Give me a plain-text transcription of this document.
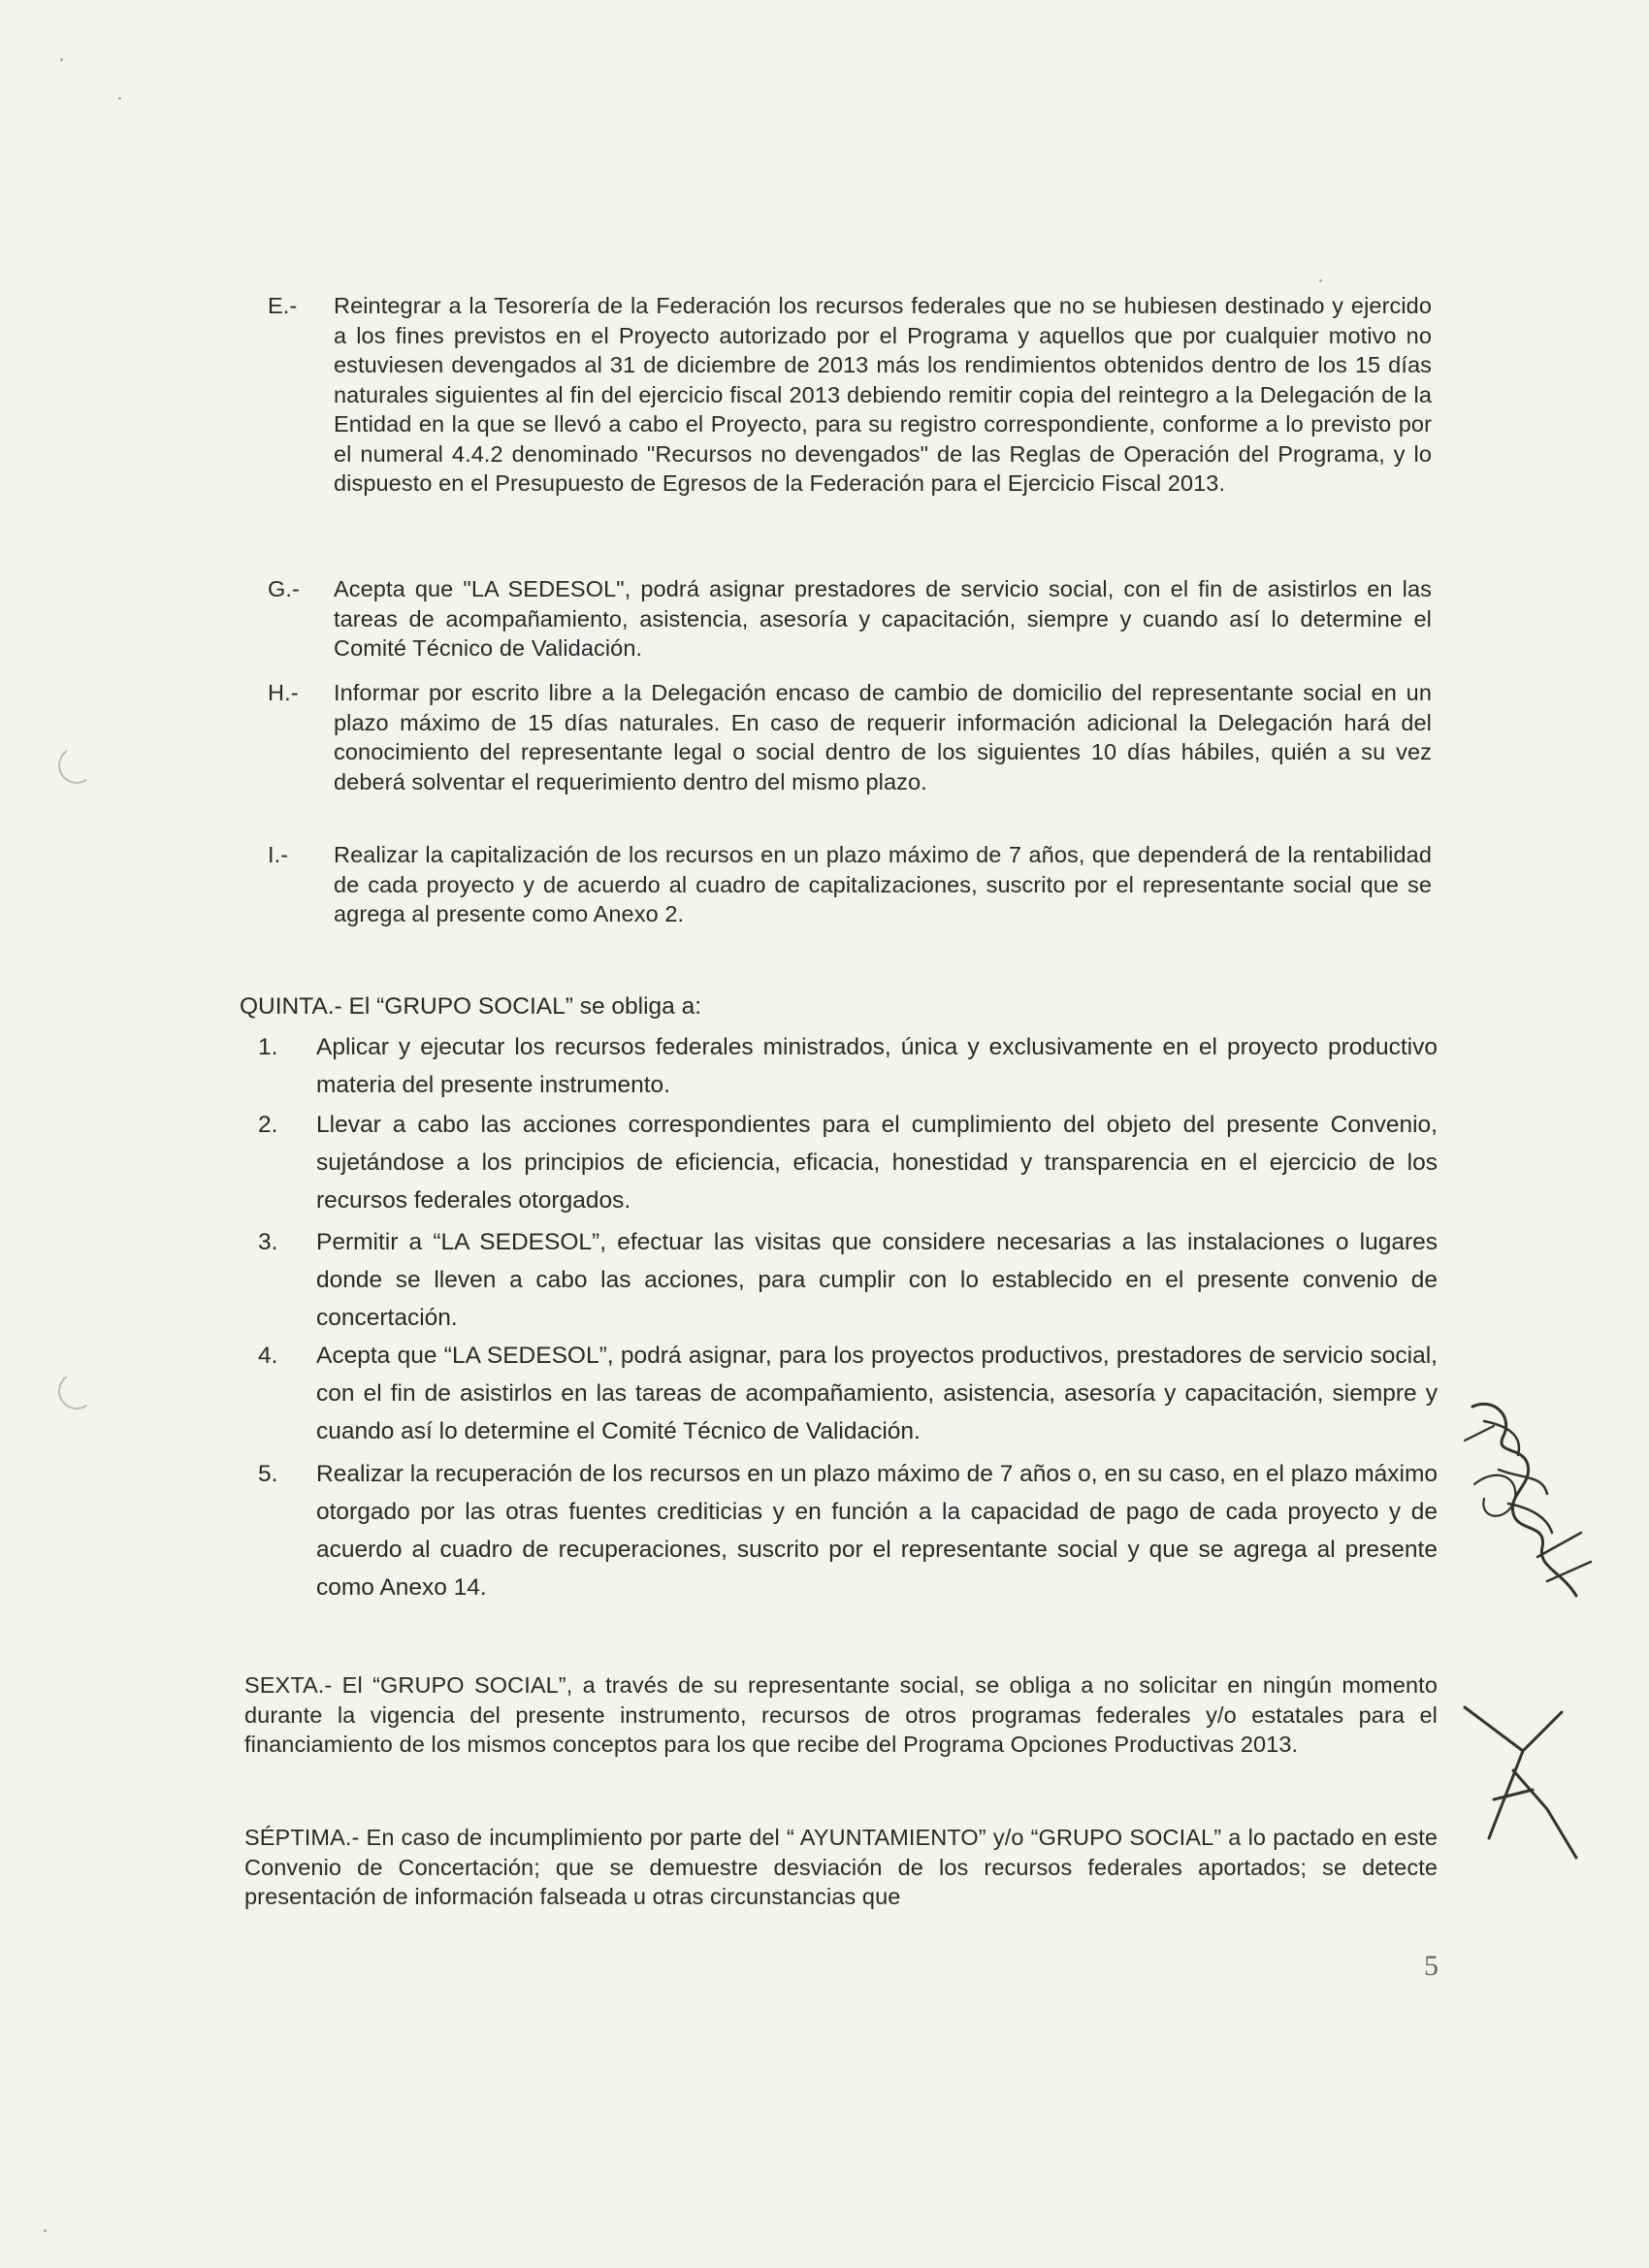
E.-	Reintegrar a la Tesorería de la Federación los recursos federales que no se hubiesen destinado y ejercido a los fines previstos en el Proyecto autorizado por el Programa y aquellos que por cualquier motivo no estuviesen devengados al 31 de diciembre de 2013 más los rendimientos obtenidos dentro de los 15 días naturales siguientes al fin del ejercicio fiscal 2013 debiendo remitir copia del reintegro a la Delegación de la Entidad en la que se llevó a cabo el Proyecto, para su registro correspondiente, conforme a lo previsto por el numeral 4.4.2 denominado "Recursos no devengados" de las Reglas de Operación del Programa, y lo dispuesto en el Presupuesto de Egresos de la Federación para el Ejercicio Fiscal 2013.
G.-	Acepta que "LA SEDESOL", podrá asignar prestadores de servicio social, con el fin de asistirlos en las tareas de acompañamiento, asistencia, asesoría y capacitación, siempre y cuando así lo determine el Comité Técnico de Validación.
H.-	Informar por escrito libre a la Delegación encaso de cambio de domicilio del representante social en un plazo máximo de 15 días naturales. En caso de requerir información adicional la Delegación hará del conocimiento del representante legal o social dentro de los siguientes 10 días hábiles, quién a su vez deberá solventar el requerimiento dentro del mismo plazo.
I.-	Realizar la capitalización de los recursos en un plazo máximo de 7 años, que dependerá de la rentabilidad de cada proyecto y de acuerdo al cuadro de capitalizaciones, suscrito por el representante social que se agrega al presente como Anexo 2.
QUINTA.- El “GRUPO SOCIAL” se obliga a:
1.	Aplicar y ejecutar los recursos federales ministrados, única y exclusivamente en el proyecto productivo materia del presente instrumento.
2.	Llevar a cabo las acciones correspondientes para el cumplimiento del objeto del presente Convenio, sujetándose a los principios de eficiencia, eficacia, honestidad y transparencia en el ejercicio de los recursos federales otorgados.
3.	Permitir a “LA SEDESOL”, efectuar las visitas que considere necesarias a las instalaciones o lugares donde se lleven a cabo las acciones, para cumplir con lo establecido en el presente convenio de concertación.
4.	Acepta que “LA SEDESOL”, podrá asignar, para los proyectos productivos, prestadores de servicio social, con el fin de asistirlos en las tareas de acompañamiento, asistencia, asesoría y capacitación, siempre y cuando así lo determine el Comité Técnico de Validación.
5.	Realizar la recuperación de los recursos en un plazo máximo de 7 años o, en su caso, en el plazo máximo otorgado por las otras fuentes crediticias y en función a la capacidad de pago de cada proyecto y de acuerdo al cuadro de recuperaciones, suscrito por el representante social y que se agrega al presente como Anexo 14.
SEXTA.- El “GRUPO SOCIAL”, a través de su representante social, se obliga a no solicitar en ningún momento durante la vigencia del presente instrumento, recursos de otros programas federales y/o estatales para el financiamiento de los mismos conceptos para los que recibe del Programa Opciones Productivas 2013.
SÉPTIMA.- En caso de incumplimiento por parte del “ AYUNTAMIENTO” y/o “GRUPO SOCIAL” a lo pactado en este Convenio de Concertación; que se demuestre desviación de los recursos federales aportados; se detecte presentación de información falseada u otras circunstancias que
5
